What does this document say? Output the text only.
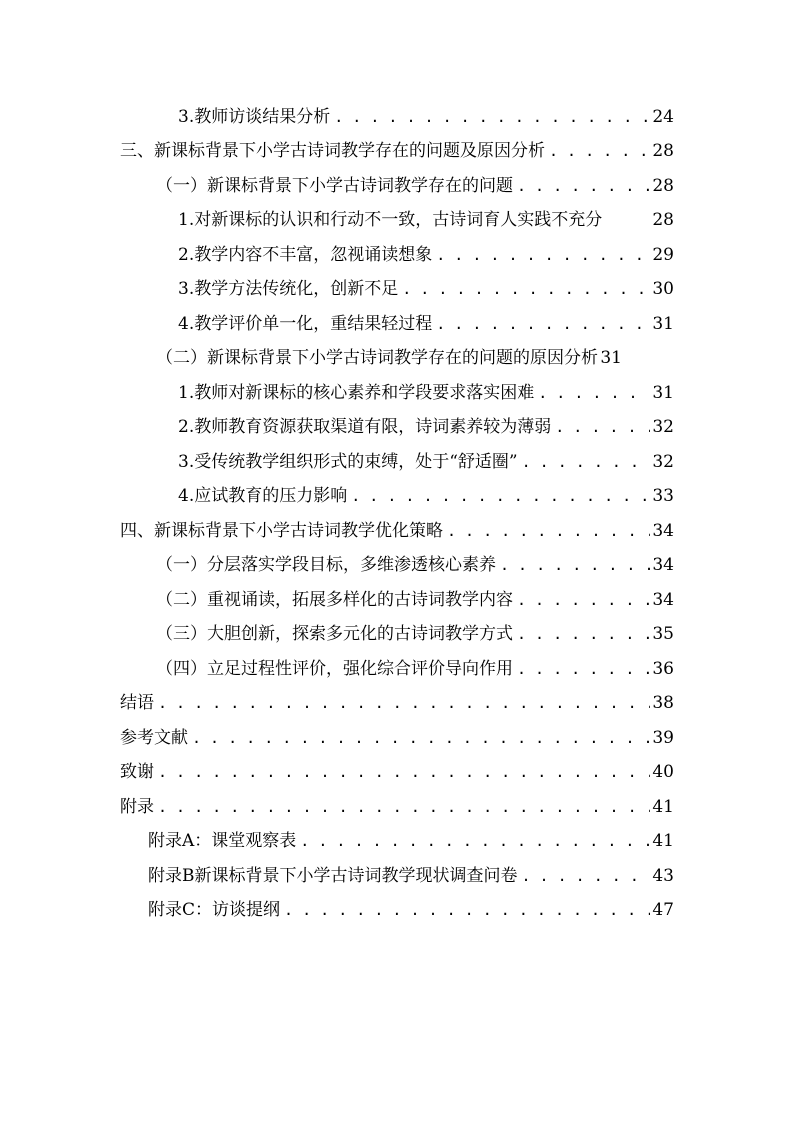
3.教师访谈结果分析 . . .	24
三、新课标背景下小学古诗词教学存在的问题及原因分析 . . .	28
（一）新课标背景下小学古诗词教学存在的问题 . . .	28
1.对新课标的认识和行动不一致，古诗词育人实践不充分	28
2.教学内容不丰富，忽视诵读想象 . . .	29
3.教学方法传统化，创新不足 . . .	30
4.教学评价单一化，重结果轻过程 . . .	31
（二）新课标背景下小学古诗词教学存在的问题的原因分析 31
1.教师对新课标的核心素养和学段要求落实困难 . . .	31
2.教师教育资源获取渠道有限，诗词素养较为薄弱 . . .	32
3.受传统教学组织形式的束缚，处于“舒适圈” . . .	32
4.应试教育的压力影响 . . .	33
四、新课标背景下小学古诗词教学优化策略 . . .	34
（一）分层落实学段目标，多维渗透核心素养 . . .	34
（二）重视诵读，拓展多样化的古诗词教学内容 . . .	34
（三）大胆创新，探索多元化的古诗词教学方式 . . .	35
（四）立足过程性评价，强化综合评价导向作用 . . .	36
结语 . . .	38
参考文献 . . .	39
致谢 . . .	40
附录 . . .	41
附录A：课堂观察表 . . .	41
附录B新课标背景下小学古诗词教学现状调查问卷 . . .	43
附录C：访谈提纲 . . .	47
